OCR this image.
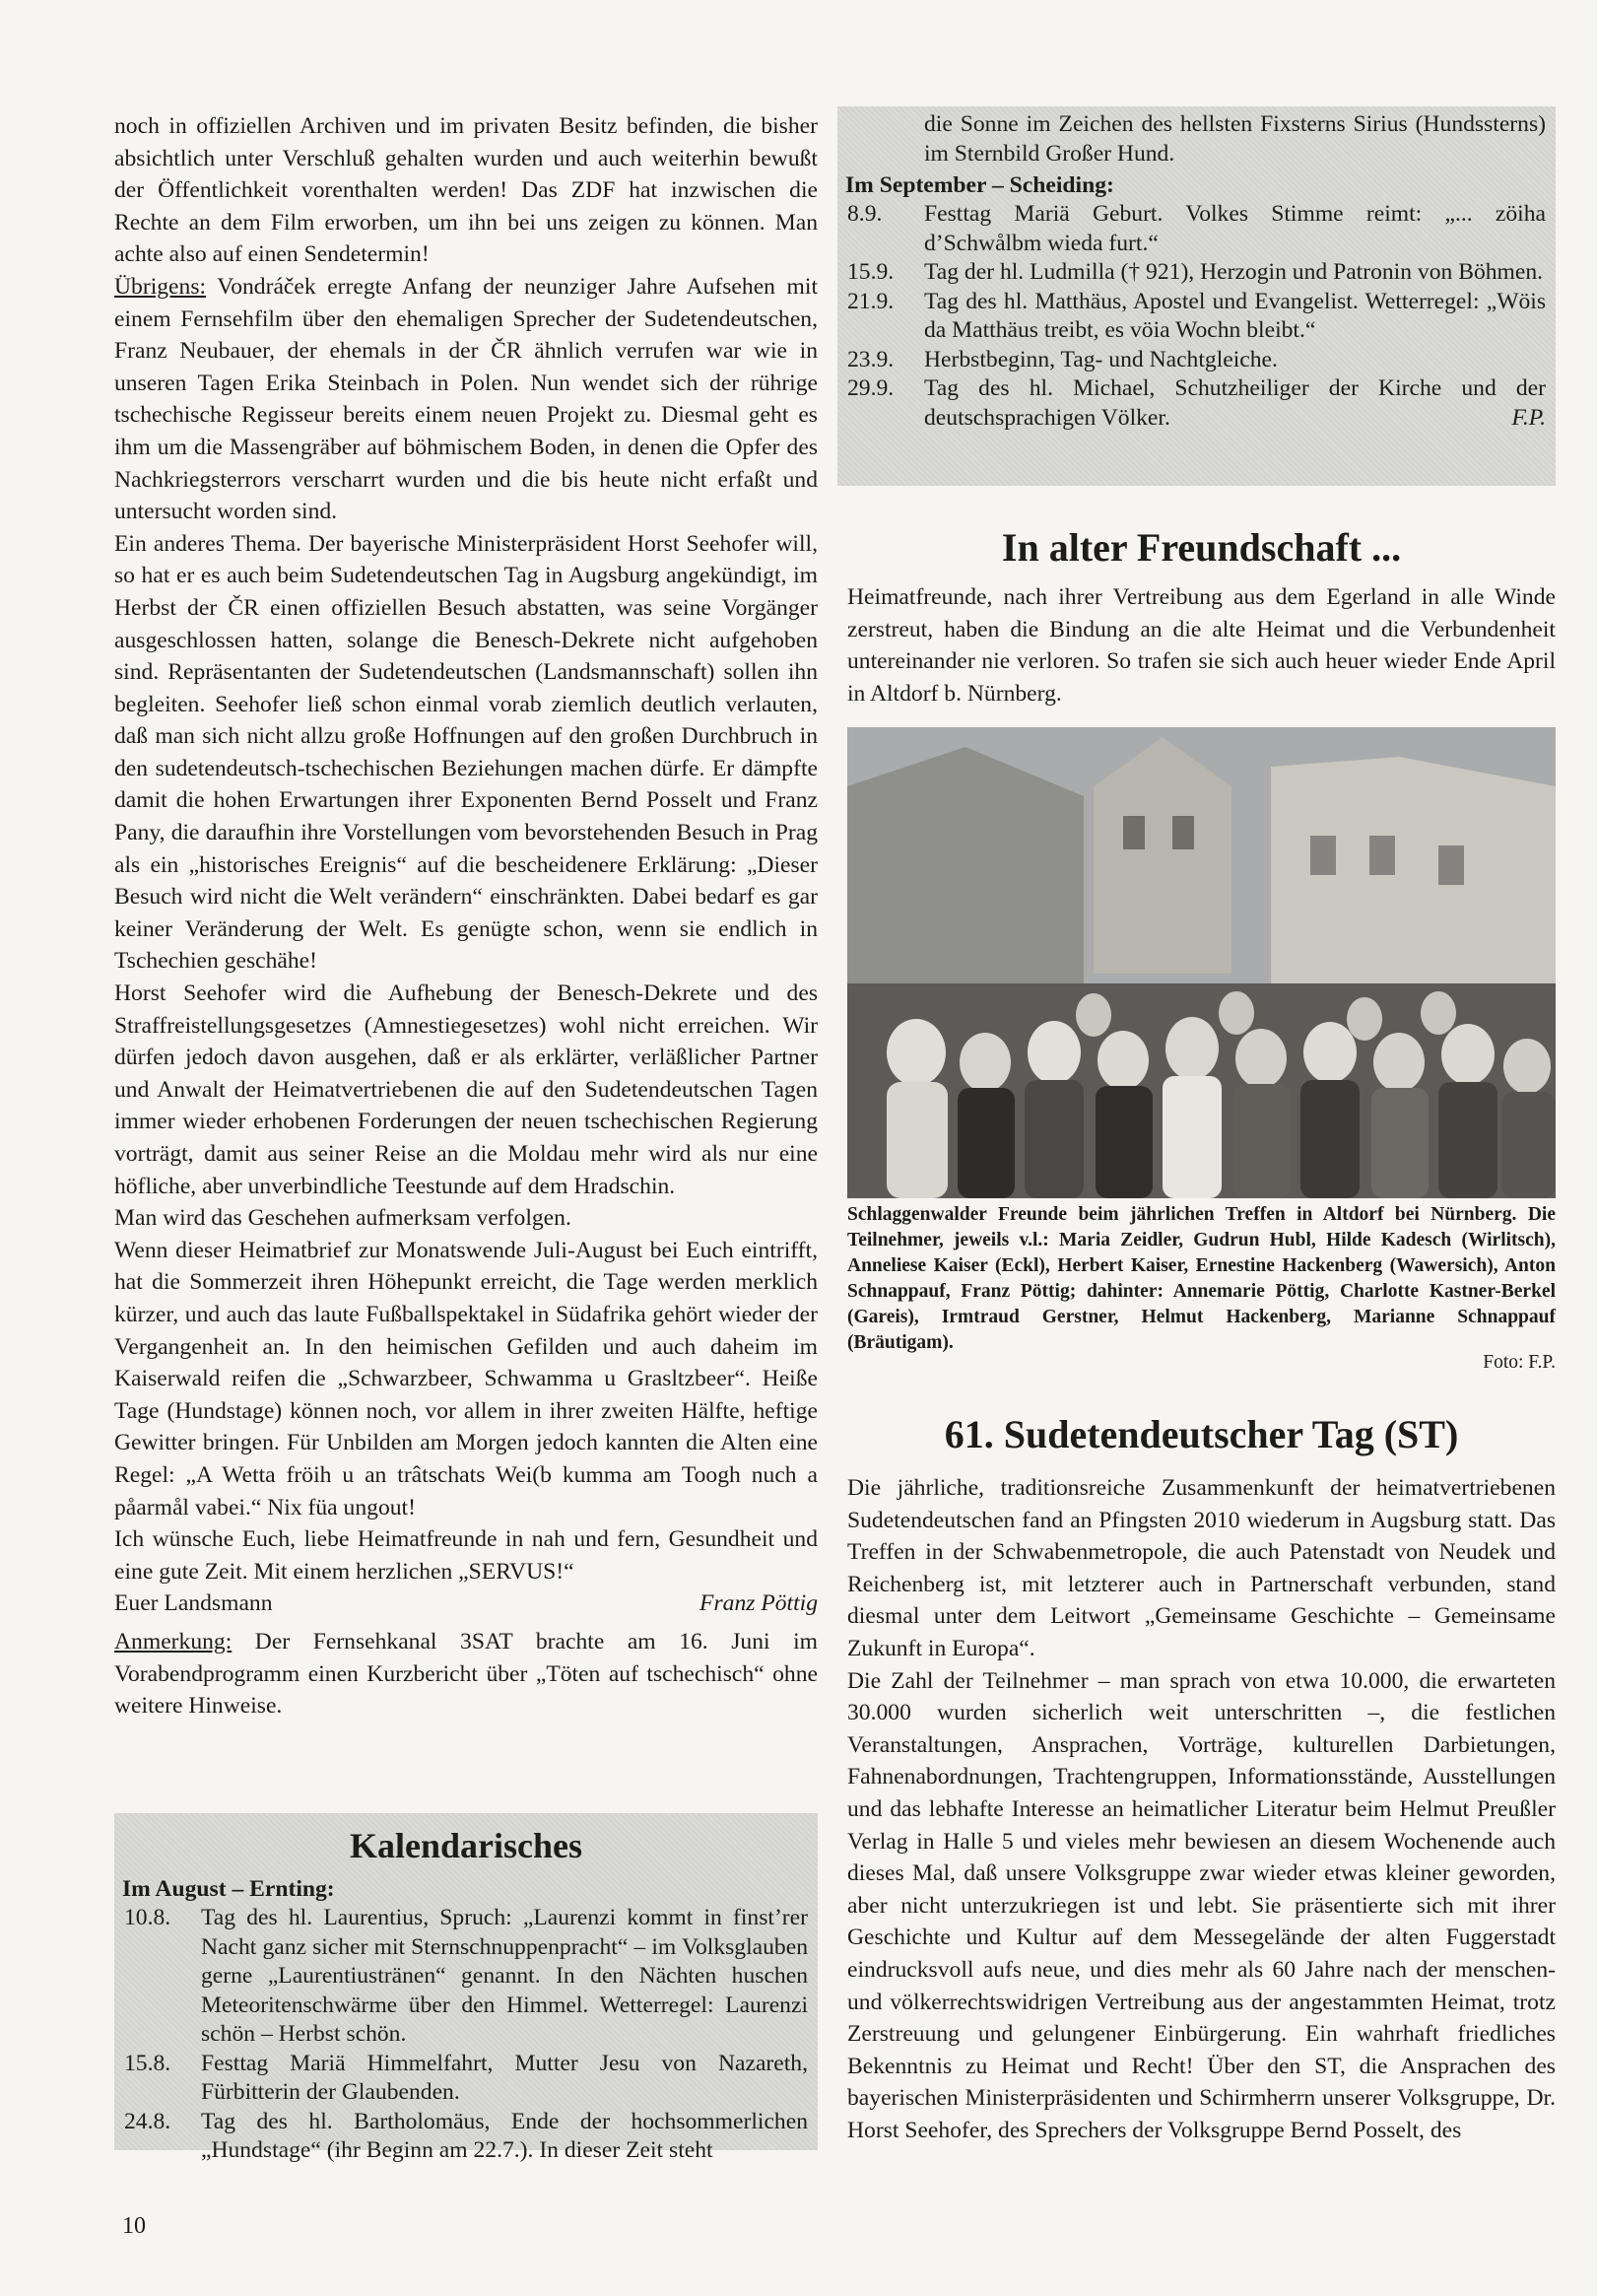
noch in offiziellen Archiven und im privaten Besitz befinden, die bisher absichtlich unter Verschluß gehalten wurden und auch weiterhin bewußt der Öffentlichkeit vorenthalten werden! Das ZDF hat inzwischen die Rechte an dem Film erworben, um ihn bei uns zeigen zu können. Man achte also auf einen Sendetermin!

Übrigens: Vondráček erregte Anfang der neunziger Jahre Aufsehen mit einem Fernsehfilm über den ehemaligen Sprecher der Sudetendeutschen, Franz Neubauer, der ehemals in der ČR ähnlich verrufen war wie in unseren Tagen Erika Steinbach in Polen. Nun wendet sich der rührige tschechische Regisseur bereits einem neuen Projekt zu. Diesmal geht es ihm um die Massengräber auf böhmischem Boden, in denen die Opfer des Nachkriegsterrors verscharrt wurden und die bis heute nicht erfaßt und untersucht worden sind.

Ein anderes Thema. Der bayerische Ministerpräsident Horst Seehofer will, so hat er es auch beim Sudetendeutschen Tag in Augsburg angekündigt, im Herbst der ČR einen offiziellen Besuch abstatten, was seine Vorgänger ausgeschlossen hatten, solange die Benesch-Dekrete nicht aufgehoben sind. Repräsentanten der Sudetendeutschen (Landsmannschaft) sollen ihn begleiten. Seehofer ließ schon einmal vorab ziemlich deutlich verlauten, daß man sich nicht allzu große Hoffnungen auf den großen Durchbruch in den sudetendeutsch-tschechischen Beziehungen machen dürfe. Er dämpfte damit die hohen Erwartungen ihrer Exponenten Bernd Posselt und Franz Pany, die daraufhin ihre Vorstellungen vom bevorstehenden Besuch in Prag als ein „historisches Ereignis“ auf die bescheidenere Erklärung: „Dieser Besuch wird nicht die Welt verändern“ einschränkten. Dabei bedarf es gar keiner Veränderung der Welt. Es genügte schon, wenn sie endlich in Tschechien geschähe!

Horst Seehofer wird die Aufhebung der Benesch-Dekrete und des Straffreistellungsgesetzes (Amnestiegesetzes) wohl nicht erreichen. Wir dürfen jedoch davon ausgehen, daß er als erklärter, verläßlicher Partner und Anwalt der Heimatvertriebenen die auf den Sudetendeutschen Tagen immer wieder erhobenen Forderungen der neuen tschechischen Regierung vorträgt, damit aus seiner Reise an die Moldau mehr wird als nur eine höfliche, aber unverbindliche Teestunde auf dem Hradschin.

Man wird das Geschehen aufmerksam verfolgen.

Wenn dieser Heimatbrief zur Monatswende Juli-August bei Euch eintrifft, hat die Sommerzeit ihren Höhepunkt erreicht, die Tage werden merklich kürzer, und auch das laute Fußballspektakel in Südafrika gehört wieder der Vergangenheit an. In den heimischen Gefilden und auch daheim im Kaiserwald reifen die „Schwarzbeer, Schwamma u Grasltzbeer“. Heiße Tage (Hundstage) können noch, vor allem in ihrer zweiten Hälfte, heftige Gewitter bringen. Für Unbilden am Morgen jedoch kannten die Alten eine Regel: „A Wetta fröih u an trâtschats Wei(b kumma am Toogh nuch a påarmål vabei.“ Nix füa ungout!

Ich wünsche Euch, liebe Heimatfreunde in nah und fern, Gesundheit und eine gute Zeit. Mit einem herzlichen „SERVUS!“

Euer Landsmann	Franz Pöttig

Anmerkung: Der Fernsehkanal 3SAT brachte am 16. Juni im Vorabendprogramm einen Kurzbericht über „Töten auf tschechisch“ ohne weitere Hinweise.

Kalendarisches
Im August – Ernting:
10.8.	Tag des hl. Laurentius, Spruch: „Laurenzi kommt in finst’rer Nacht ganz sicher mit Sternschnuppenpracht“ – im Volksglauben gerne „Laurentiustränen“ genannt. In den Nächten huschen Meteoritenschwärme über den Himmel. Wetterregel: Laurenzi schön – Herbst schön.
15.8.	Festtag Mariä Himmelfahrt, Mutter Jesu von Nazareth, Fürbitterin der Glaubenden.
24.8.	Tag des hl. Bartholomäus, Ende der hochsommerlichen „Hundstage“ (ihr Beginn am 22.7.). In dieser Zeit steht
die Sonne im Zeichen des hellsten Fixsterns Sirius (Hundssterns) im Sternbild Großer Hund.
Im September – Scheiding:
8.9.	Festtag Mariä Geburt. Volkes Stimme reimt: „... zöiha d’Schwålbm wieda furt.“
15.9.	Tag der hl. Ludmilla († 921), Herzogin und Patronin von Böhmen.
21.9.	Tag des hl. Matthäus, Apostel und Evangelist. Wetterregel: „Wöis da Matthäus treibt, es vöia Wochn bleibt.“
23.9.	Herbstbeginn, Tag- und Nachtgleiche.
29.9.	Tag des hl. Michael, Schutzheiliger der Kirche und der deutschsprachigen Völker.	F.P.
In alter Freundschaft ...

Heimatfreunde, nach ihrer Vertreibung aus dem Egerland in alle Winde zerstreut, haben die Bindung an die alte Heimat und die Verbundenheit untereinander nie verloren. So trafen sie sich auch heuer wieder Ende April in Altdorf b. Nürnberg.

Schlaggenwalder Freunde beim jährlichen Treffen in Altdorf bei Nürnberg. Die Teilnehmer, jeweils v.l.: Maria Zeidler, Gudrun Hubl, Hilde Kadesch (Wirlitsch), Anneliese Kaiser (Eckl), Herbert Kaiser, Ernestine Hackenberg (Wawersich), Anton Schnappauf, Franz Pöttig; dahinter: Annemarie Pöttig, Charlotte Kastner-Berkel (Gareis), Irmtraud Gerstner, Helmut Hackenberg, Marianne Schnappauf (Bräutigam).

Foto: F.P.
61. Sudetendeutscher Tag (ST)

Die jährliche, traditionsreiche Zusammenkunft der heimatvertriebenen Sudetendeutschen fand an Pfingsten 2010 wiederum in Augsburg statt. Das Treffen in der Schwabenmetropole, die auch Patenstadt von Neudek und Reichenberg ist, mit letzterer auch in Partnerschaft verbunden, stand diesmal unter dem Leitwort „Gemeinsame Geschichte – Gemeinsame Zukunft in Europa“.

Die Zahl der Teilnehmer – man sprach von etwa 10.000, die erwarteten 30.000 wurden sicherlich weit unterschritten –, die festlichen Veranstaltungen, Ansprachen, Vorträge, kulturellen Darbietungen, Fahnenabordnungen, Trachtengruppen, Informationsstände, Ausstellungen und das lebhafte Interesse an heimatlicher Literatur beim Helmut Preußler Verlag in Halle 5 und vieles mehr bewiesen an diesem Wochenende auch dieses Mal, daß unsere Volksgruppe zwar wieder etwas kleiner geworden, aber nicht unterzukriegen ist und lebt. Sie präsentierte sich mit ihrer Geschichte und Kultur auf dem Messegelände der alten Fuggerstadt eindrucksvoll aufs neue, und dies mehr als 60 Jahre nach der menschen- und völkerrechtswidrigen Vertreibung aus der angestammten Heimat, trotz Zerstreuung und gelungener Einbürgerung. Ein wahrhaft friedliches Bekenntnis zu Heimat und Recht! Über den ST, die Ansprachen des bayerischen Ministerpräsidenten und Schirmherrn unserer Volksgruppe, Dr. Horst Seehofer, des Sprechers der Volksgruppe Bernd Posselt, des

10
